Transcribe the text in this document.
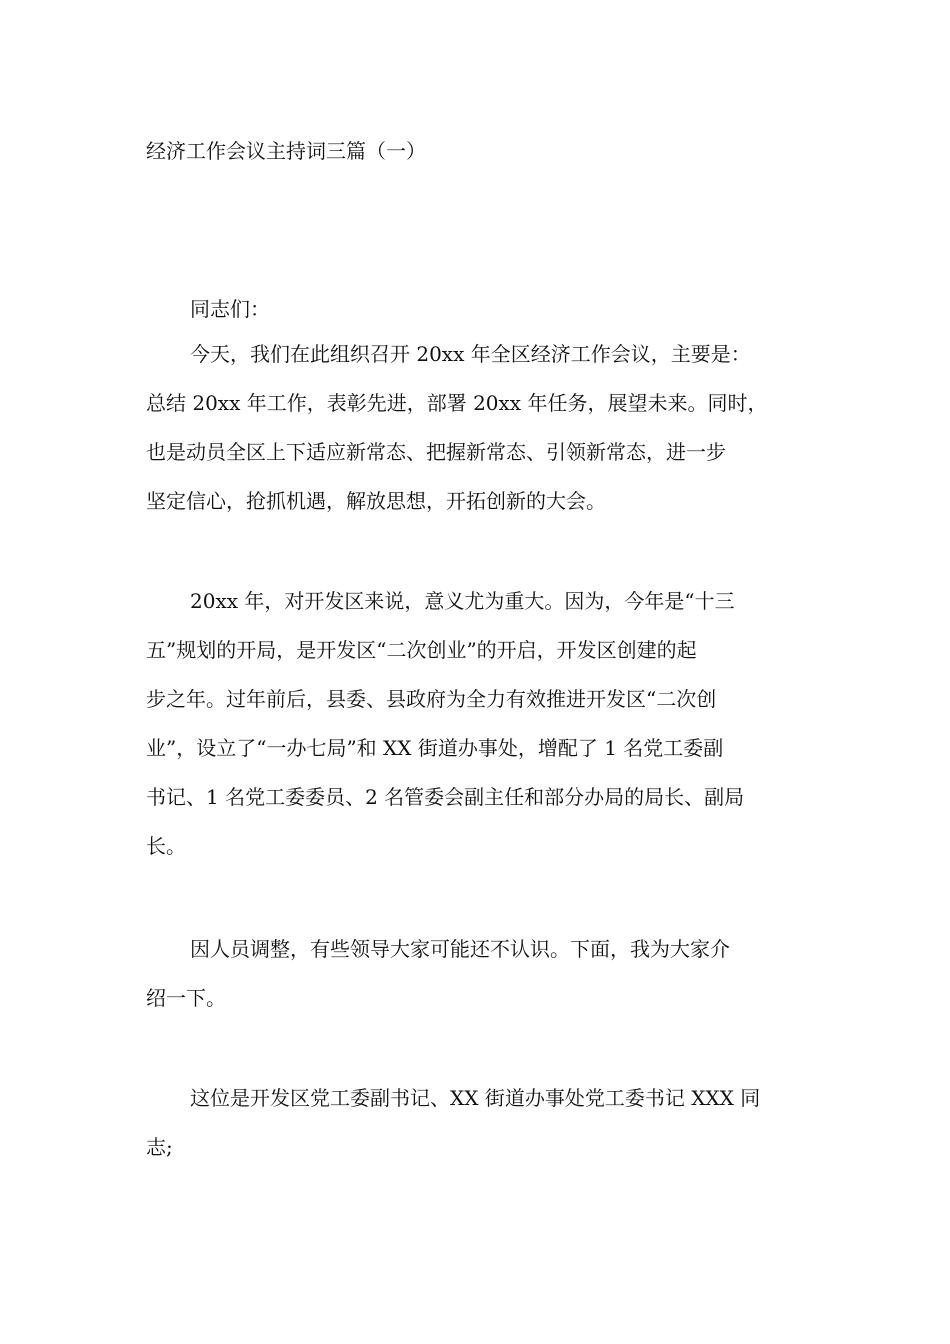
经济工作会议主持词三篇（一）
同志们：
今天，我们在此组织召开 20xx 年全区经济工作会议，主要是：
总结 20xx 年工作，表彰先进，部署 20xx 年任务，展望未来。同时，
也是动员全区上下适应新常态、把握新常态、引领新常态，进一步
坚定信心，抢抓机遇，解放思想，开拓创新的大会。
20xx 年，对开发区来说，意义尤为重大。因为，今年是“十三
五”规划的开局，是开发区“二次创业”的开启，开发区创建的起
步之年。过年前后，县委、县政府为全力有效推进开发区“二次创
业”，设立了“一办七局”和 XX 街道办事处，增配了 1 名党工委副
书记、1 名党工委委员、2 名管委会副主任和部分办局的局长、副局
长。
因人员调整，有些领导大家可能还不认识。下面，我为大家介
绍一下。
这位是开发区党工委副书记、XX 街道办事处党工委书记 XXX 同
志;
